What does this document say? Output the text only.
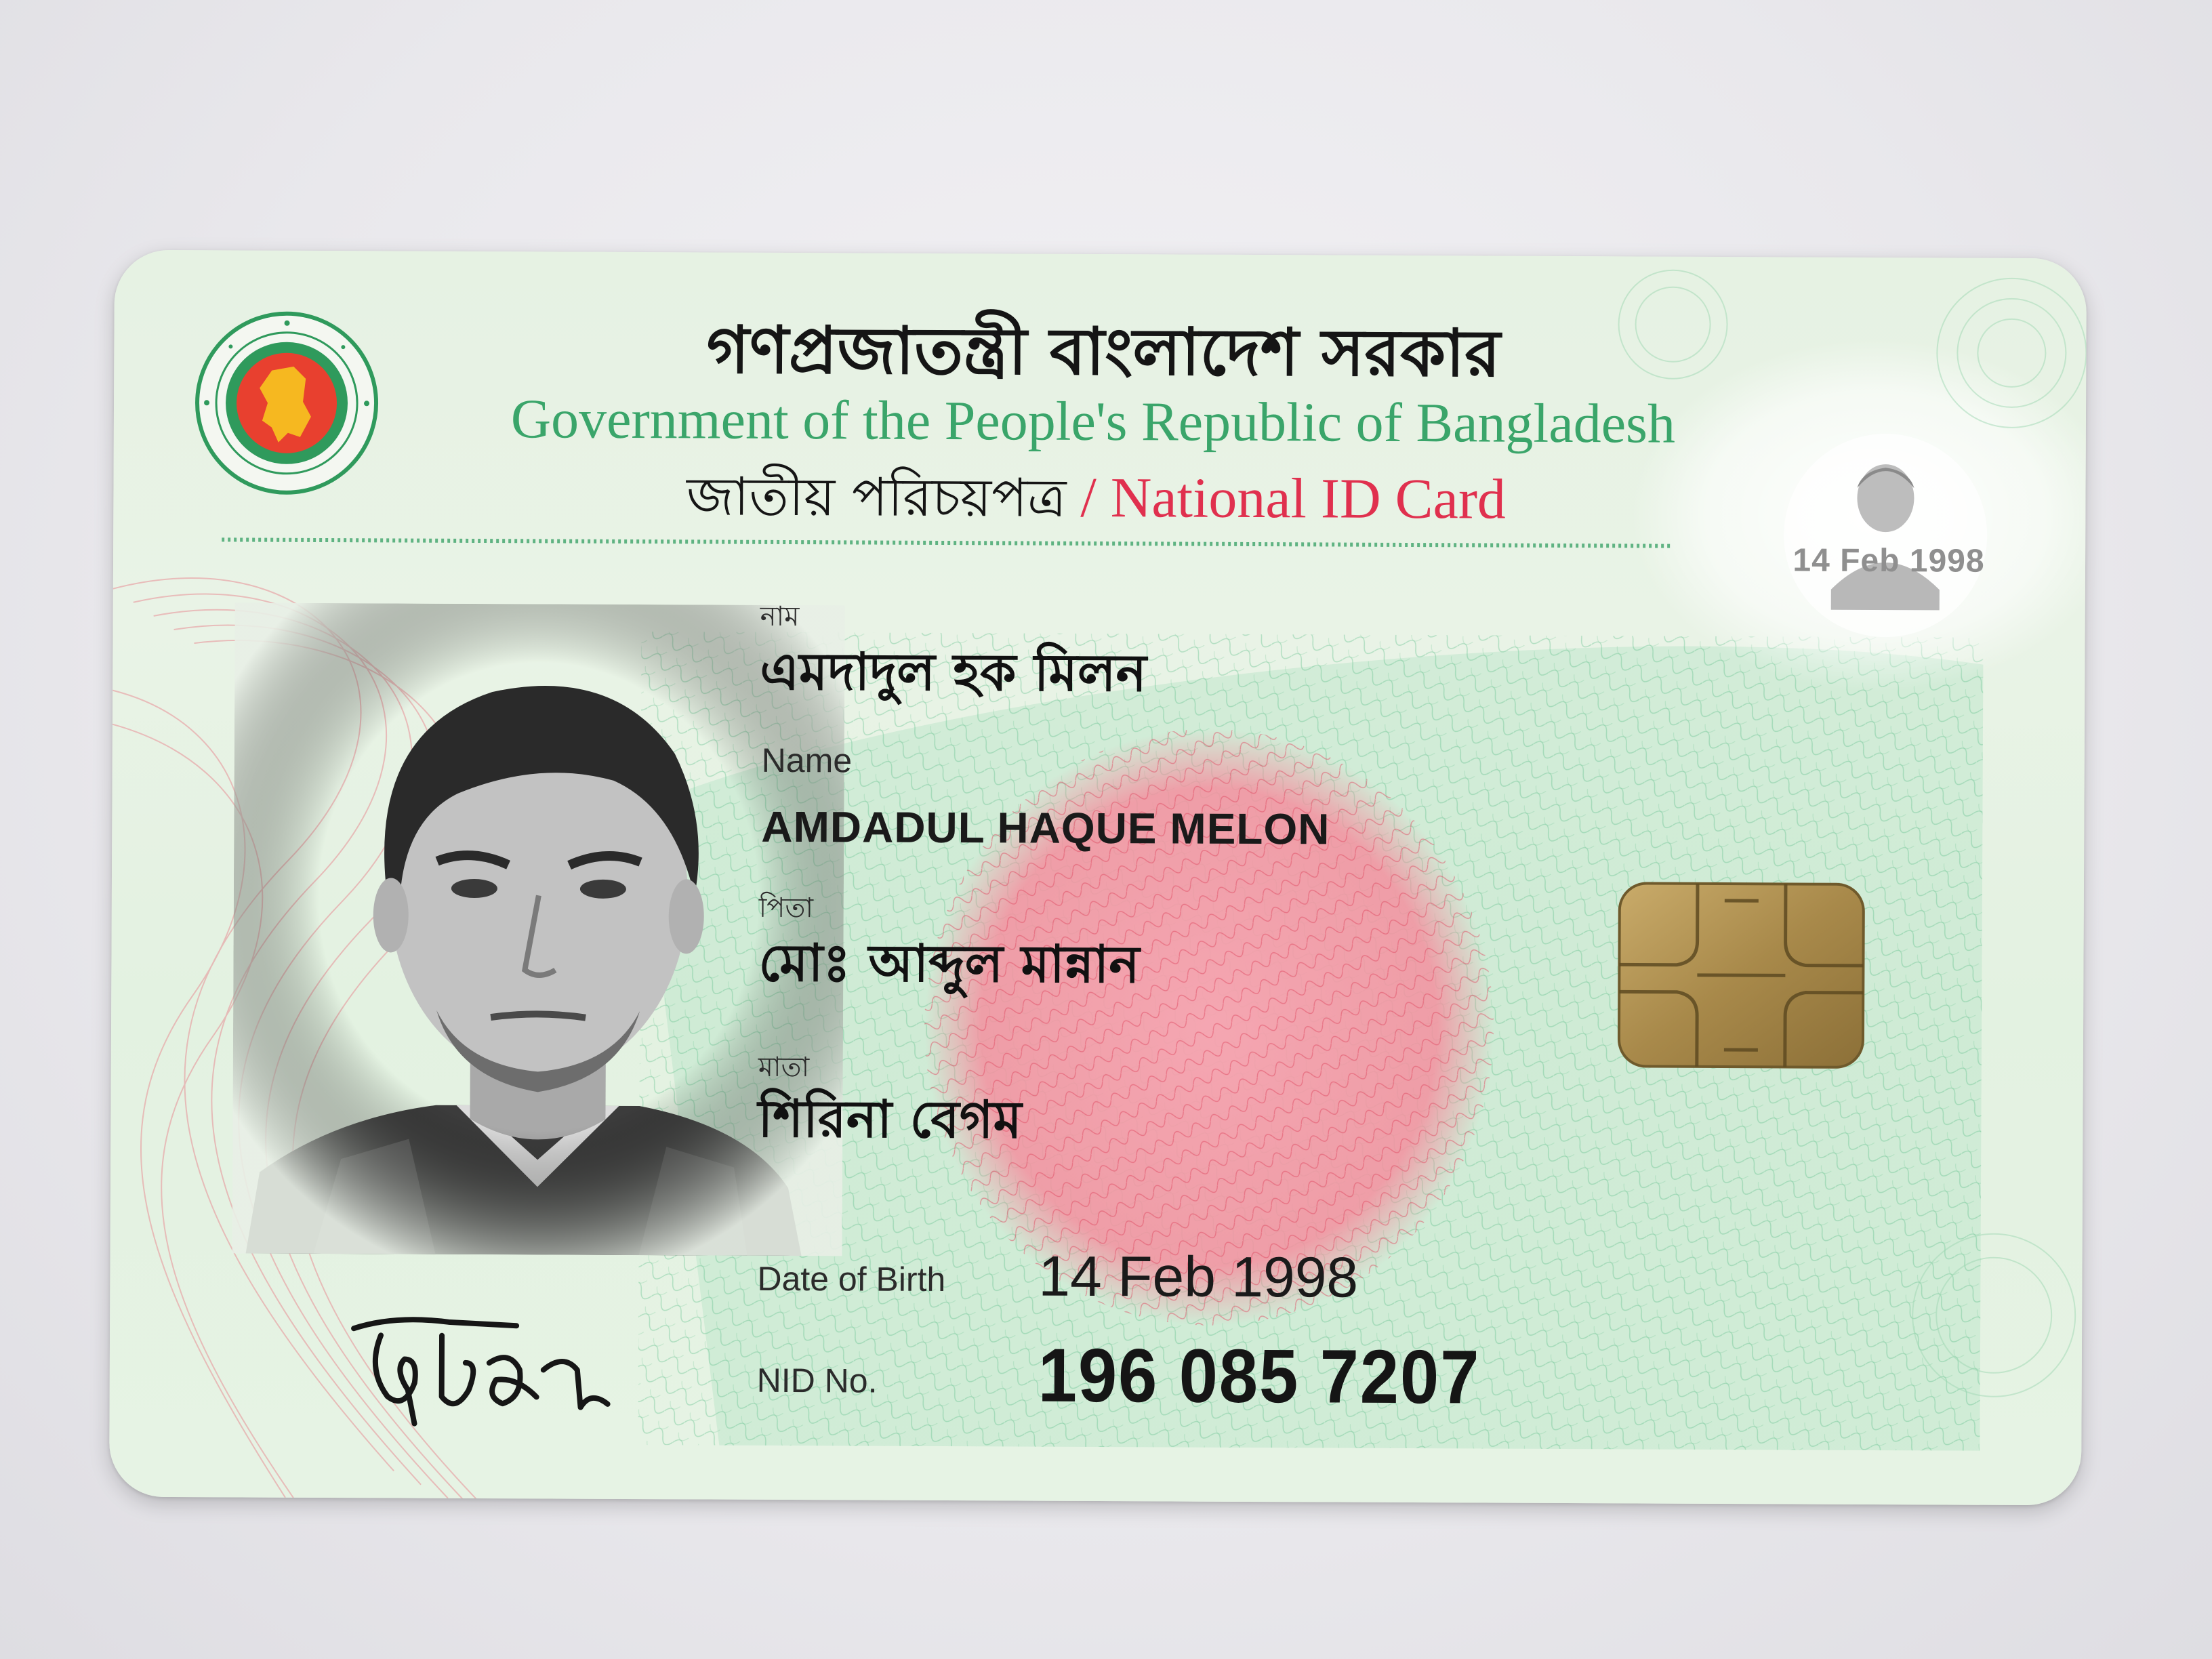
গণপ্রজাতন্ত্রী বাংলাদেশ সরকার
Government of the People's Republic of Bangladesh
জাতীয় পরিচয়পত্র / National ID Card
14 Feb 1998
নাম
এমদাদুল হক মিলন
Name
AMDADUL HAQUE MELON
পিতা
মোঃ আব্দুল মান্নান
মাতা
শিরিনা বেগম
Date of Birth 14 Feb 1998
NID No. 196 085 7207
